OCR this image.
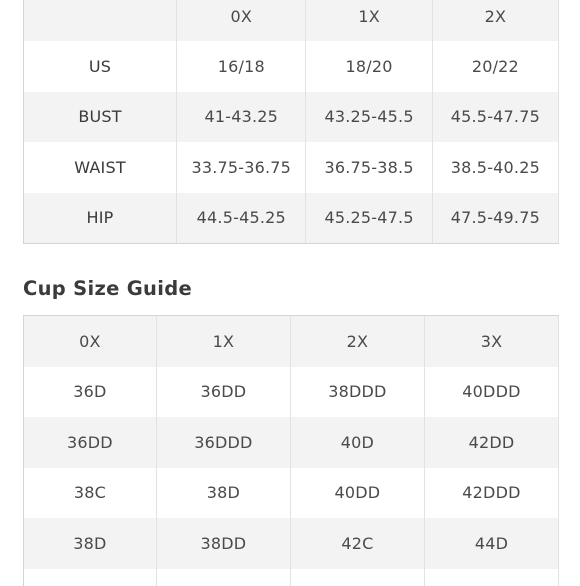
	0X	1X	2X
US	16/18	18/20	20/22
BUST	41-43.25	43.25-45.5	45.5-47.75
WAIST	33.75-36.75	36.75-38.5	38.5-40.25
HIP	44.5-45.25	45.25-47.5	47.5-49.75
Cup Size Guide
0X	1X	2X	3X
36D	36DD	38DDD	40DDD
36DD	36DDD	40D	42DD
38C	38D	40DD	42DDD
38D	38DD	42C	44D
